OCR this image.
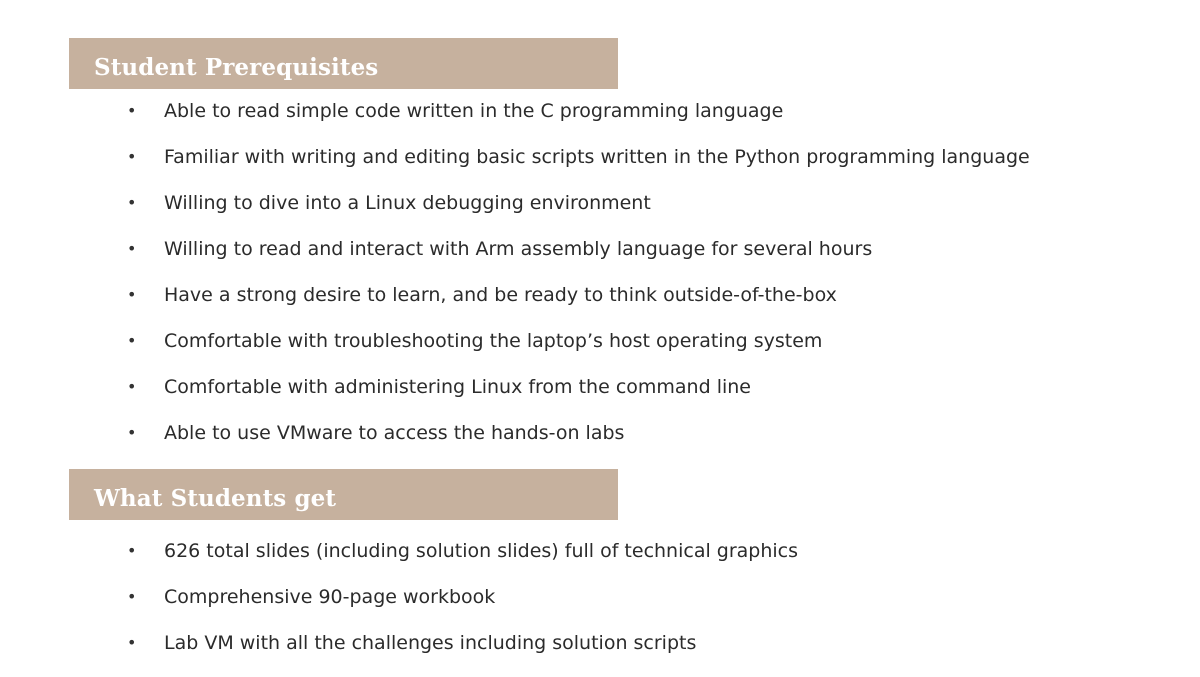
Student Prerequisites
• Able to read simple code written in the C programming language
• Familiar with writing and editing basic scripts written in the Python programming language
• Willing to dive into a Linux debugging environment
• Willing to read and interact with Arm assembly language for several hours
• Have a strong desire to learn, and be ready to think outside-of-the-box
• Comfortable with troubleshooting the laptop’s host operating system
• Comfortable with administering Linux from the command line
• Able to use VMware to access the hands-on labs
What Students get
• 626 total slides (including solution slides) full of technical graphics
• Comprehensive 90-page workbook
• Lab VM with all the challenges including solution scripts
